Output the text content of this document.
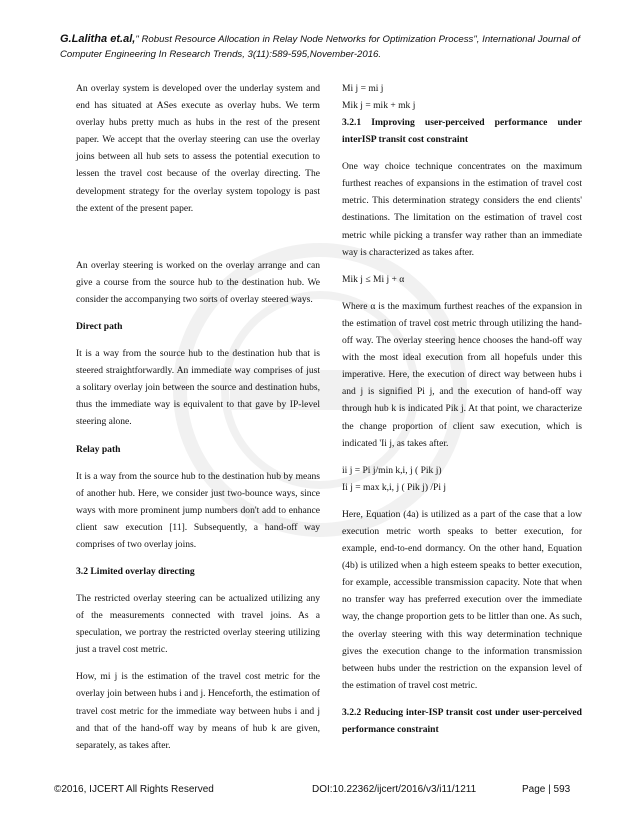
G.Lalitha et.al," Robust Resource Allocation in Relay Node Networks for Optimization Process", International Journal of Computer Engineering In Research Trends, 3(11):589-595,November-2016.

An overlay system is developed over the underlay system and end has situated at ASes execute as overlay hubs. We term overlay hubs pretty much as hubs in the rest of the present paper. We accept that the overlay steering can use the overlay joins between all hub sets to assess the potential execution to lessen the travel cost because of the overlay directing. The development strategy for the overlay system topology is past the extent of the present paper.

An overlay steering is worked on the overlay arrange and can give a course from the source hub to the destination hub. We consider the accompanying two sorts of overlay steered ways.

Direct path

It is a way from the source hub to the destination hub that is steered straightforwardly. An immediate way comprises of just a solitary overlay join between the source and destination hubs, thus the immediate way is equivalent to that gave by IP-level steering alone.

Relay path

It is a way from the source hub to the destination hub by means of another hub. Here, we consider just two-bounce ways, since ways with more prominent jump numbers don't add to enhance client saw execution [11]. Subsequently, a hand-off way comprises of two overlay joins.

3.2 Limited overlay directing

The restricted overlay steering can be actualized utilizing any of the measurements connected with travel joins. As a speculation, we portray the restricted overlay steering utilizing just a travel cost metric.

How, mi j is the estimation of the travel cost metric for the overlay join between hubs i and j. Henceforth, the estimation of travel cost metric for the immediate way between hubs i and j and that of the hand-off way by means of hub k are given, separately, as takes after.

Mi j = mi j

Mik j = mik + mk j

3.2.1 Improving user-perceived performance under interISP transit cost constraint

One way choice technique concentrates on the maximum furthest reaches of expansions in the estimation of travel cost metric. This determination strategy considers the end clients' destinations. The limitation on the estimation of travel cost metric while picking a transfer way rather than an immediate way is characterized as takes after.

Mik j ≤ Mi j + α

Where α is the maximum furthest reaches of the expansion in the estimation of travel cost metric through utilizing the hand-off way. The overlay steering hence chooses the hand-off way with the most ideal execution from all hopefuls under this imperative. Here, the execution of direct way between hubs i and j is signified Pi j, and the execution of hand-off way through hub k is indicated Pik j. At that point, we characterize the change proportion of client saw execution, which is indicated 'Ii j, as takes after.

ii j = Pi j/min k,i, j ( Pik j)

Ii j = max k,i, j ( Pik j) /Pi j

Here, Equation (4a) is utilized as a part of the case that a low execution metric worth speaks to better execution, for example, end-to-end dormancy. On the other hand, Equation (4b) is utilized when a high esteem speaks to better execution, for example, accessible transmission capacity. Note that when no transfer way has preferred execution over the immediate way, the change proportion gets to be littler than one. As such, the overlay steering with this way determination technique gives the execution change to the information transmission between hubs under the restriction on the expansion level of the estimation of travel cost metric.

3.2.2 Reducing inter-ISP transit cost under user-perceived performance constraint
©2016, IJCERT All Rights Reserved	DOI:10.22362/ijcert/2016/v3/i11/1211	Page | 593
